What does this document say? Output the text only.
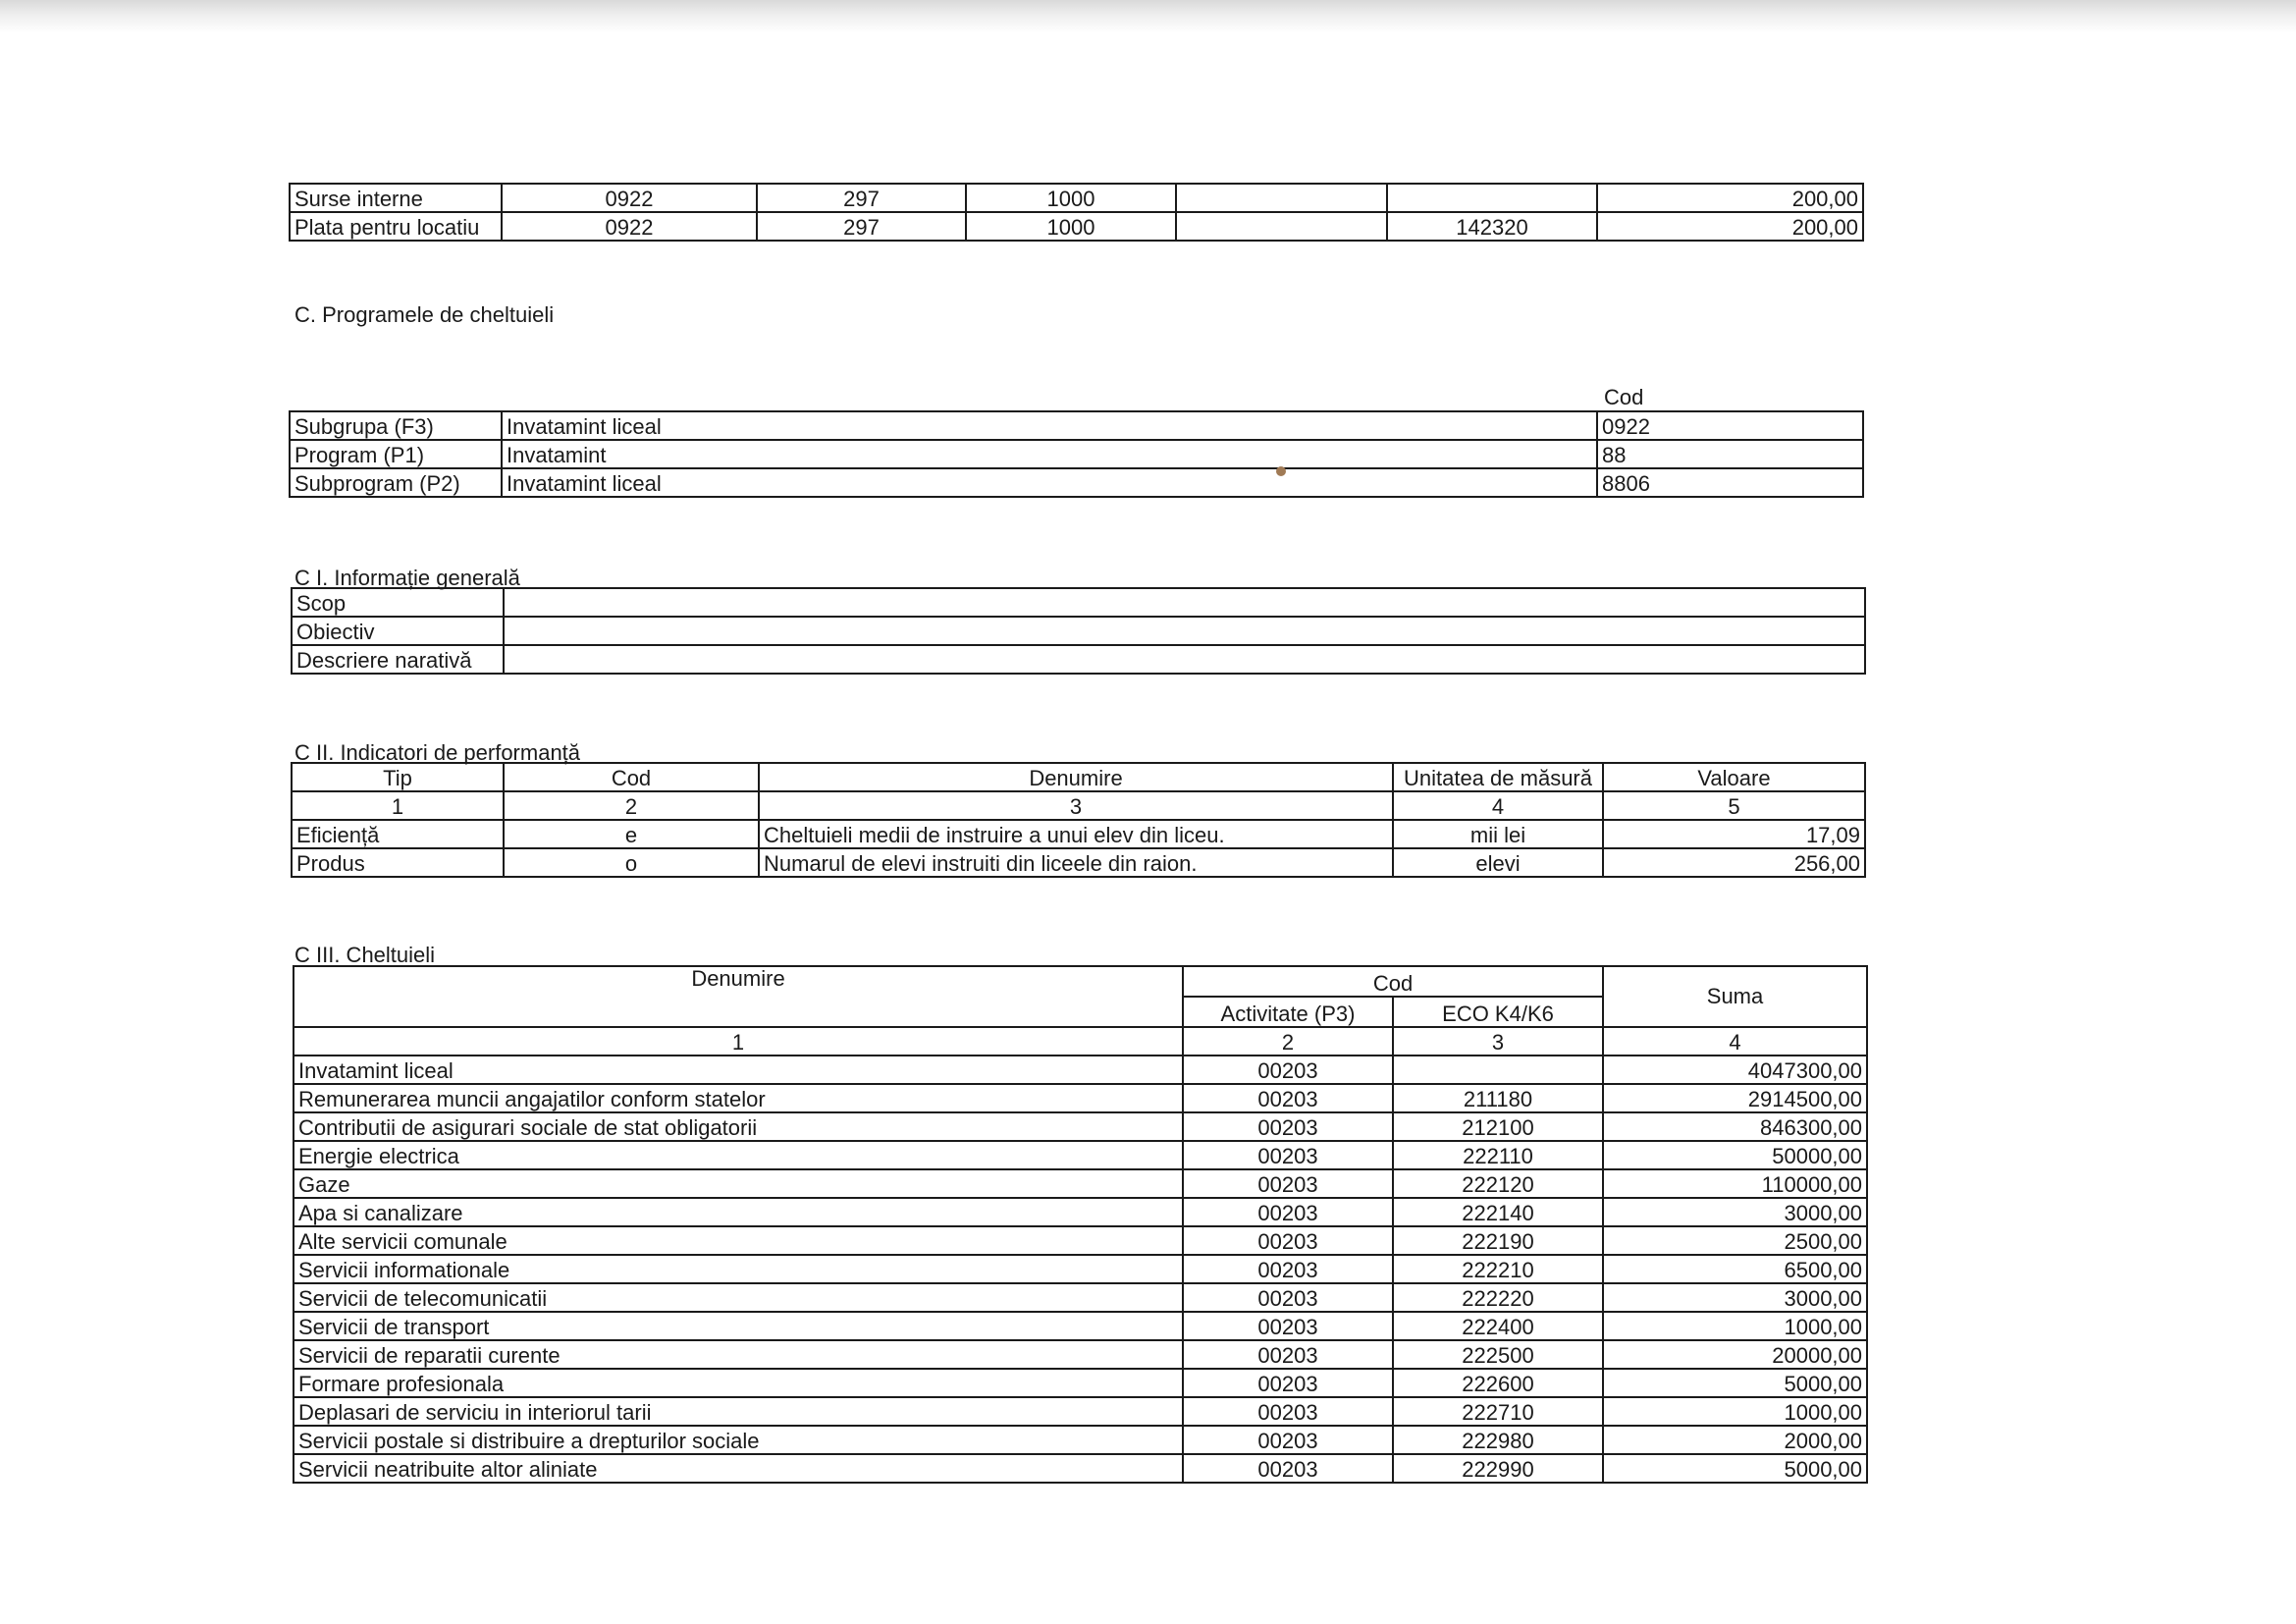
Surse interne	0922	297	1000			200,00
Plata pentru locatiu	0922	297	1000		142320	200,00
C. Programele de cheltuieli
Cod
Subgrupa (F3)	Invatamint liceal	0922
Program (P1)	Invatamint	88
Subprogram (P2)	Invatamint liceal	8806
C I. Informație generală
Scop	
Obiectiv	
Descriere narativă	
C II. Indicatori de performanță
Tip	Cod	Denumire	Unitatea de măsură	Valoare
1	2	3	4	5
Eficiență	e	Cheltuieli medii de instruire a unui elev din liceu.	mii lei	17,09
Produs	o	Numarul de elevi instruiti din liceele din raion.	elevi	256,00
C III. Cheltuieli
Denumire	Cod		Suma
	Activitate (P3)	ECO K4/K6	
1	2	3	4
Invatamint liceal	00203		4047300,00
Remunerarea muncii angajatilor conform statelor	00203	211180	2914500,00
Contributii de asigurari sociale de stat obligatorii	00203	212100	846300,00
Energie electrica	00203	222110	50000,00
Gaze	00203	222120	110000,00
Apa si canalizare	00203	222140	3000,00
Alte servicii comunale	00203	222190	2500,00
Servicii informationale	00203	222210	6500,00
Servicii de telecomunicatii	00203	222220	3000,00
Servicii de transport	00203	222400	1000,00
Servicii de reparatii curente	00203	222500	20000,00
Formare profesionala	00203	222600	5000,00
Deplasari de serviciu in interiorul tarii	00203	222710	1000,00
Servicii postale si distribuire a drepturilor sociale	00203	222980	2000,00
Servicii neatribuite altor aliniate	00203	222990	5000,00
